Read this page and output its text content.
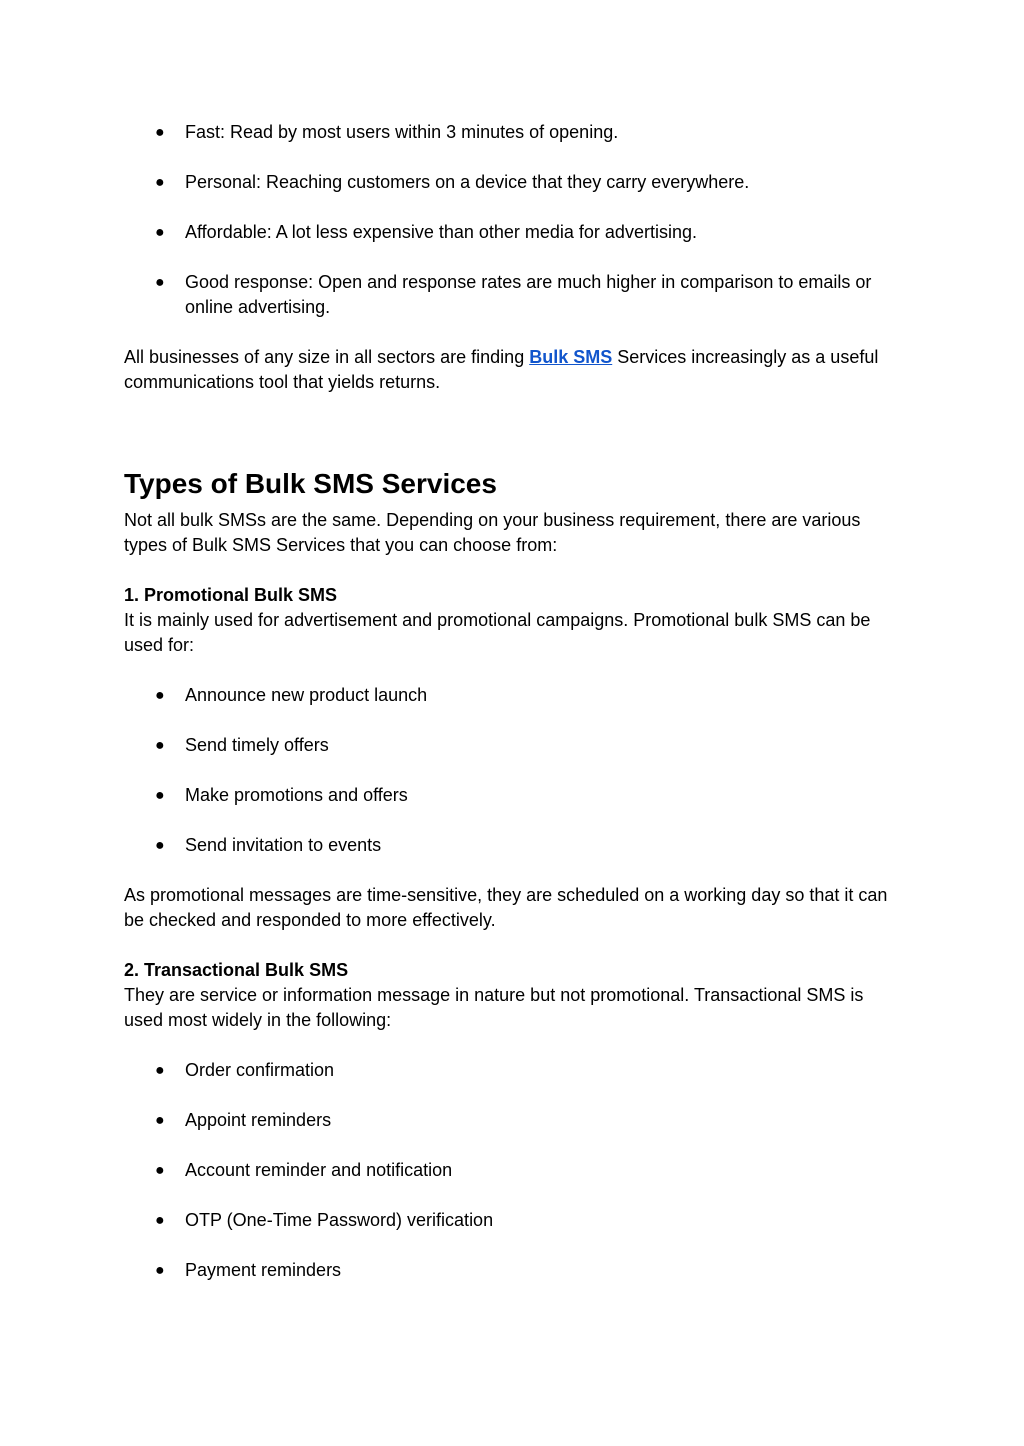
● Fast: Read by most users within 3 minutes of opening.
● Personal: Reaching customers on a device that they carry everywhere.
● Affordable: A lot less expensive than other media for advertising.
● Good response: Open and response rates are much higher in comparison to emails or online advertising.

All businesses of any size in all sectors are finding Bulk SMS Services increasingly as a useful communications tool that yields returns.

Types of Bulk SMS Services

Not all bulk SMSs are the same. Depending on your business requirement, there are various types of Bulk SMS Services that you can choose from:

1. Promotional Bulk SMS

It is mainly used for advertisement and promotional campaigns. Promotional bulk SMS can be used for:

● Announce new product launch
● Send timely offers
● Make promotions and offers
● Send invitation to events

As promotional messages are time-sensitive, they are scheduled on a working day so that it can be checked and responded to more effectively.

2. Transactional Bulk SMS

They are service or information message in nature but not promotional. Transactional SMS is used most widely in the following:

● Order confirmation
● Appoint reminders
● Account reminder and notification
● OTP (One-Time Password) verification
● Payment reminders
